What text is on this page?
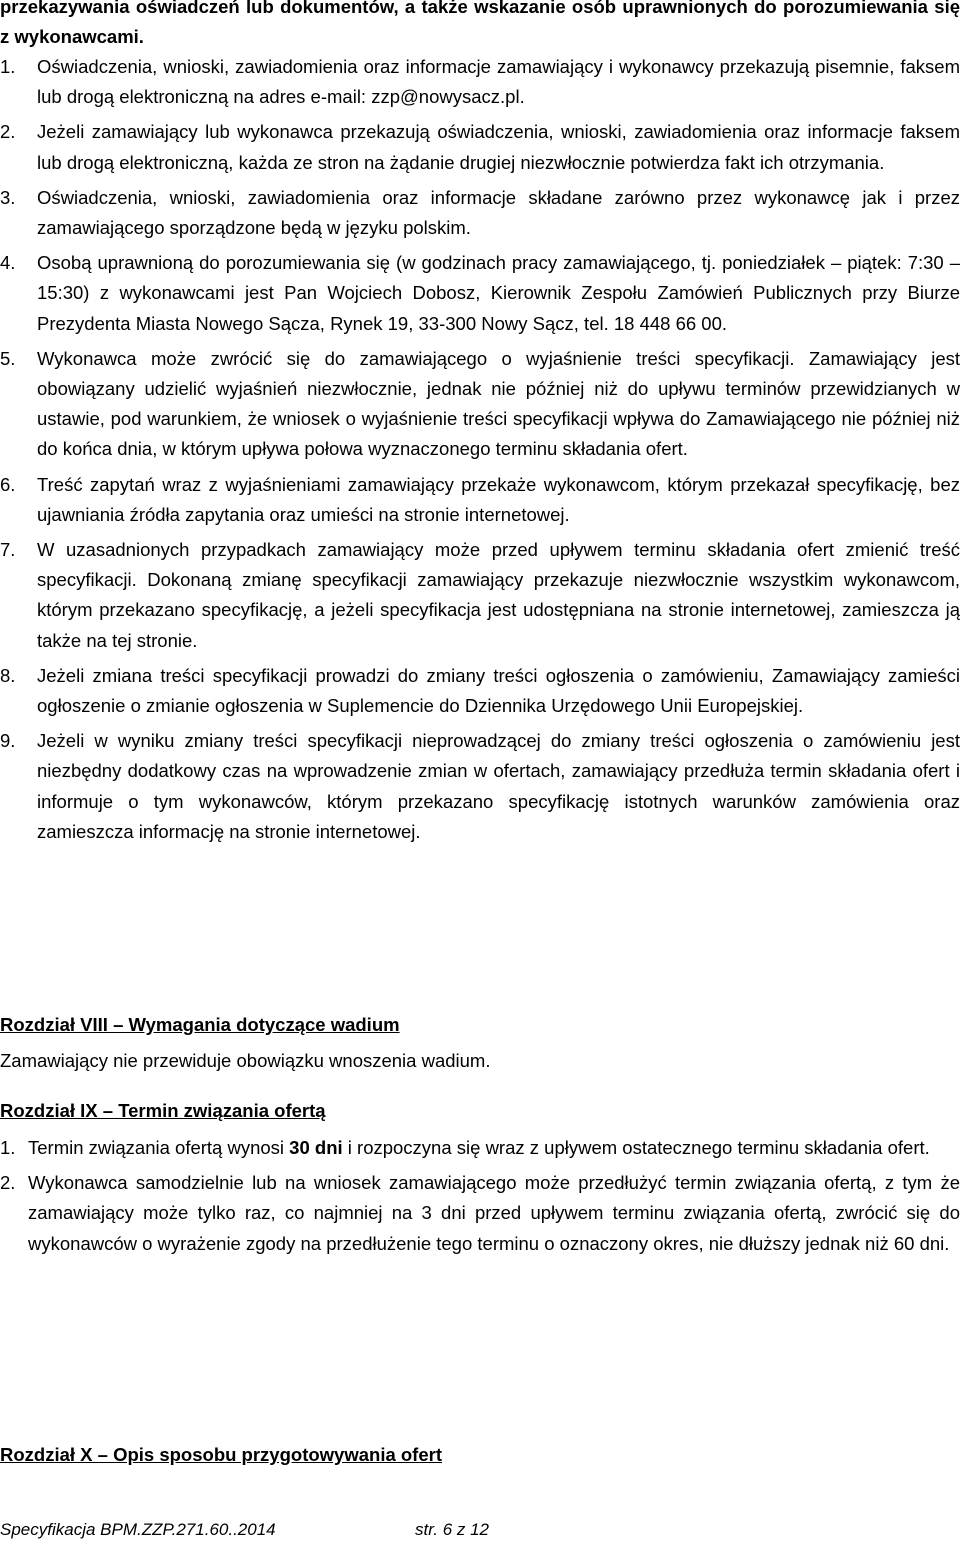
przekazywania oświadczeń lub dokumentów, a także wskazanie osób uprawnionych do porozumiewania się z wykonawcami.
1.	Oświadczenia, wnioski, zawiadomienia oraz informacje zamawiający i wykonawcy przekazują pisemnie, faksem lub drogą elektroniczną na adres e-mail: zzp@nowysacz.pl.
2.	Jeżeli zamawiający lub wykonawca przekazują oświadczenia, wnioski, zawiadomienia oraz informacje faksem lub drogą elektroniczną, każda ze stron na żądanie drugiej niezwłocznie potwierdza fakt ich otrzymania.
3.	Oświadczenia, wnioski, zawiadomienia oraz informacje składane zarówno przez wykonawcę jak i przez zamawiającego sporządzone będą w języku polskim.
4.	Osobą uprawnioną do porozumiewania się (w godzinach pracy zamawiającego, tj. poniedziałek – piątek: 7:30 – 15:30) z wykonawcami jest Pan Wojciech Dobosz, Kierownik Zespołu Zamówień Publicznych przy Biurze Prezydenta Miasta Nowego Sącza, Rynek 19, 33-300 Nowy Sącz, tel. 18 448 66 00.
5.	Wykonawca może zwrócić się do zamawiającego o wyjaśnienie treści specyfikacji. Zamawiający jest obowiązany udzielić wyjaśnień niezwłocznie, jednak nie później niż do upływu terminów przewidzianych w ustawie, pod warunkiem, że wniosek o wyjaśnienie treści specyfikacji wpływa do Zamawiającego nie później niż do końca dnia, w którym upływa połowa wyznaczonego terminu składania ofert.
6.	Treść zapytań wraz z wyjaśnieniami zamawiający przekaże wykonawcom, którym przekazał specyfikację, bez ujawniania źródła zapytania oraz umieści na stronie internetowej.
7.	W uzasadnionych przypadkach zamawiający może przed upływem terminu składania ofert zmienić treść specyfikacji. Dokonaną zmianę specyfikacji zamawiający przekazuje niezwłocznie wszystkim wykonawcom, którym przekazano specyfikację, a jeżeli specyfikacja jest udostępniana na stronie internetowej, zamieszcza ją także na tej stronie.
8.	Jeżeli zmiana treści specyfikacji prowadzi do zmiany treści ogłoszenia o zamówieniu, Zamawiający zamieści ogłoszenie o zmianie ogłoszenia w Suplemencie do Dziennika Urzędowego Unii Europejskiej.
9.	Jeżeli w wyniku zmiany treści specyfikacji nieprowadzącej do zmiany treści ogłoszenia o zamówieniu jest niezbędny dodatkowy czas na wprowadzenie zmian w ofertach, zamawiający przedłuża termin składania ofert i informuje o tym wykonawców, którym przekazano specyfikację istotnych warunków zamówienia oraz zamieszcza informację na stronie internetowej.
Rozdział VIII – Wymagania dotyczące wadium
Zamawiający nie przewiduje obowiązku wnoszenia wadium.
Rozdział IX – Termin związania ofertą
1. 1. Termin związania ofertą wynosi 30 dni i rozpoczyna się wraz z upływem ostatecznego terminu składania ofert.
2. 2. Wykonawca samodzielnie lub na wniosek zamawiającego może przedłużyć termin związania ofertą, z tym że zamawiający może tylko raz, co najmniej na 3 dni przed upływem terminu związania ofertą, zwrócić się do wykonawców o wyrażenie zgody na przedłużenie tego terminu o oznaczony okres, nie dłuższy jednak niż 60 dni.
Rozdział X – Opis sposobu przygotowywania ofert
Specyfikacja BPM.ZZP.271.60..2014	str. 6 z 12
